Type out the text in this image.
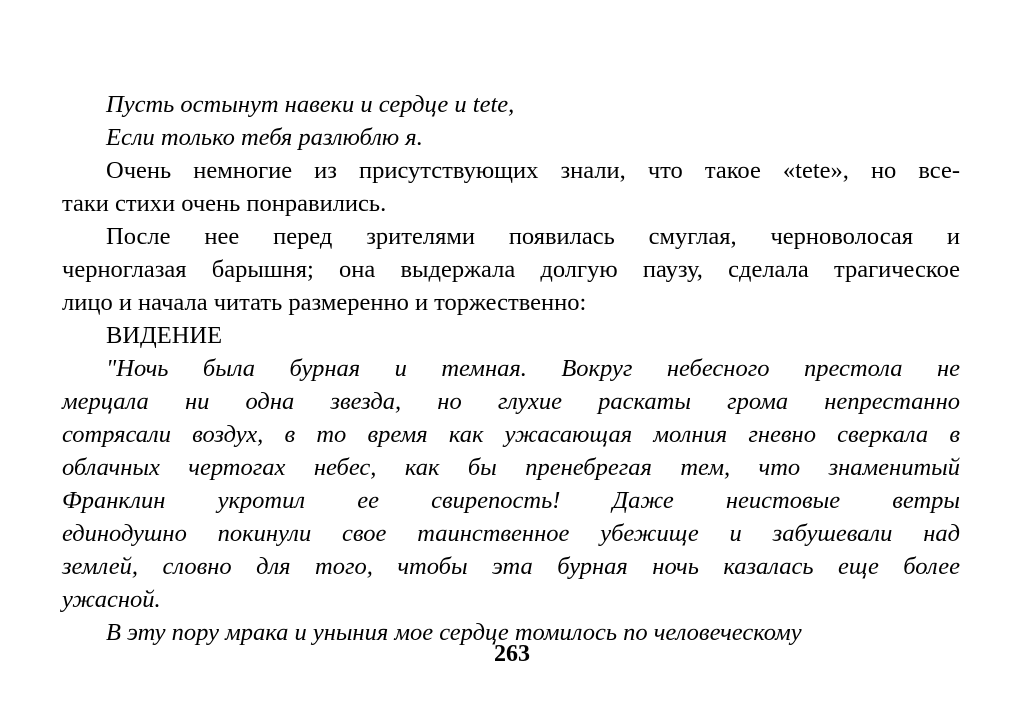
Пусть остынут навеки и сердце и tete,
Если только тебя разлюблю я.
Очень немногие из присутствующих знали, что такое «tete», но все-
таки стихи очень понравились.
После нее перед зрителями появилась смуглая, черноволосая и
черноглазая барышня; она выдержала долгую паузу, сделала трагическое
лицо и начала читать размеренно и торжественно:
ВИДЕНИЕ
"Ночь была бурная и темная. Вокруг небесного престола не
мерцала ни одна звезда, но глухие раскаты грома непрестанно
сотрясали воздух, в то время как ужасающая молния гневно сверкала в
облачных чертогах небес, как бы пренебрегая тем, что знаменитый
Франклин укротил ее свирепость! Даже неистовые ветры
единодушно покинули свое таинственное убежище и забушевали над
землей, словно для того, чтобы эта бурная ночь казалась еще более
ужасной.
В эту пору мрака и уныния мое сердце томилось по человеческому
263
